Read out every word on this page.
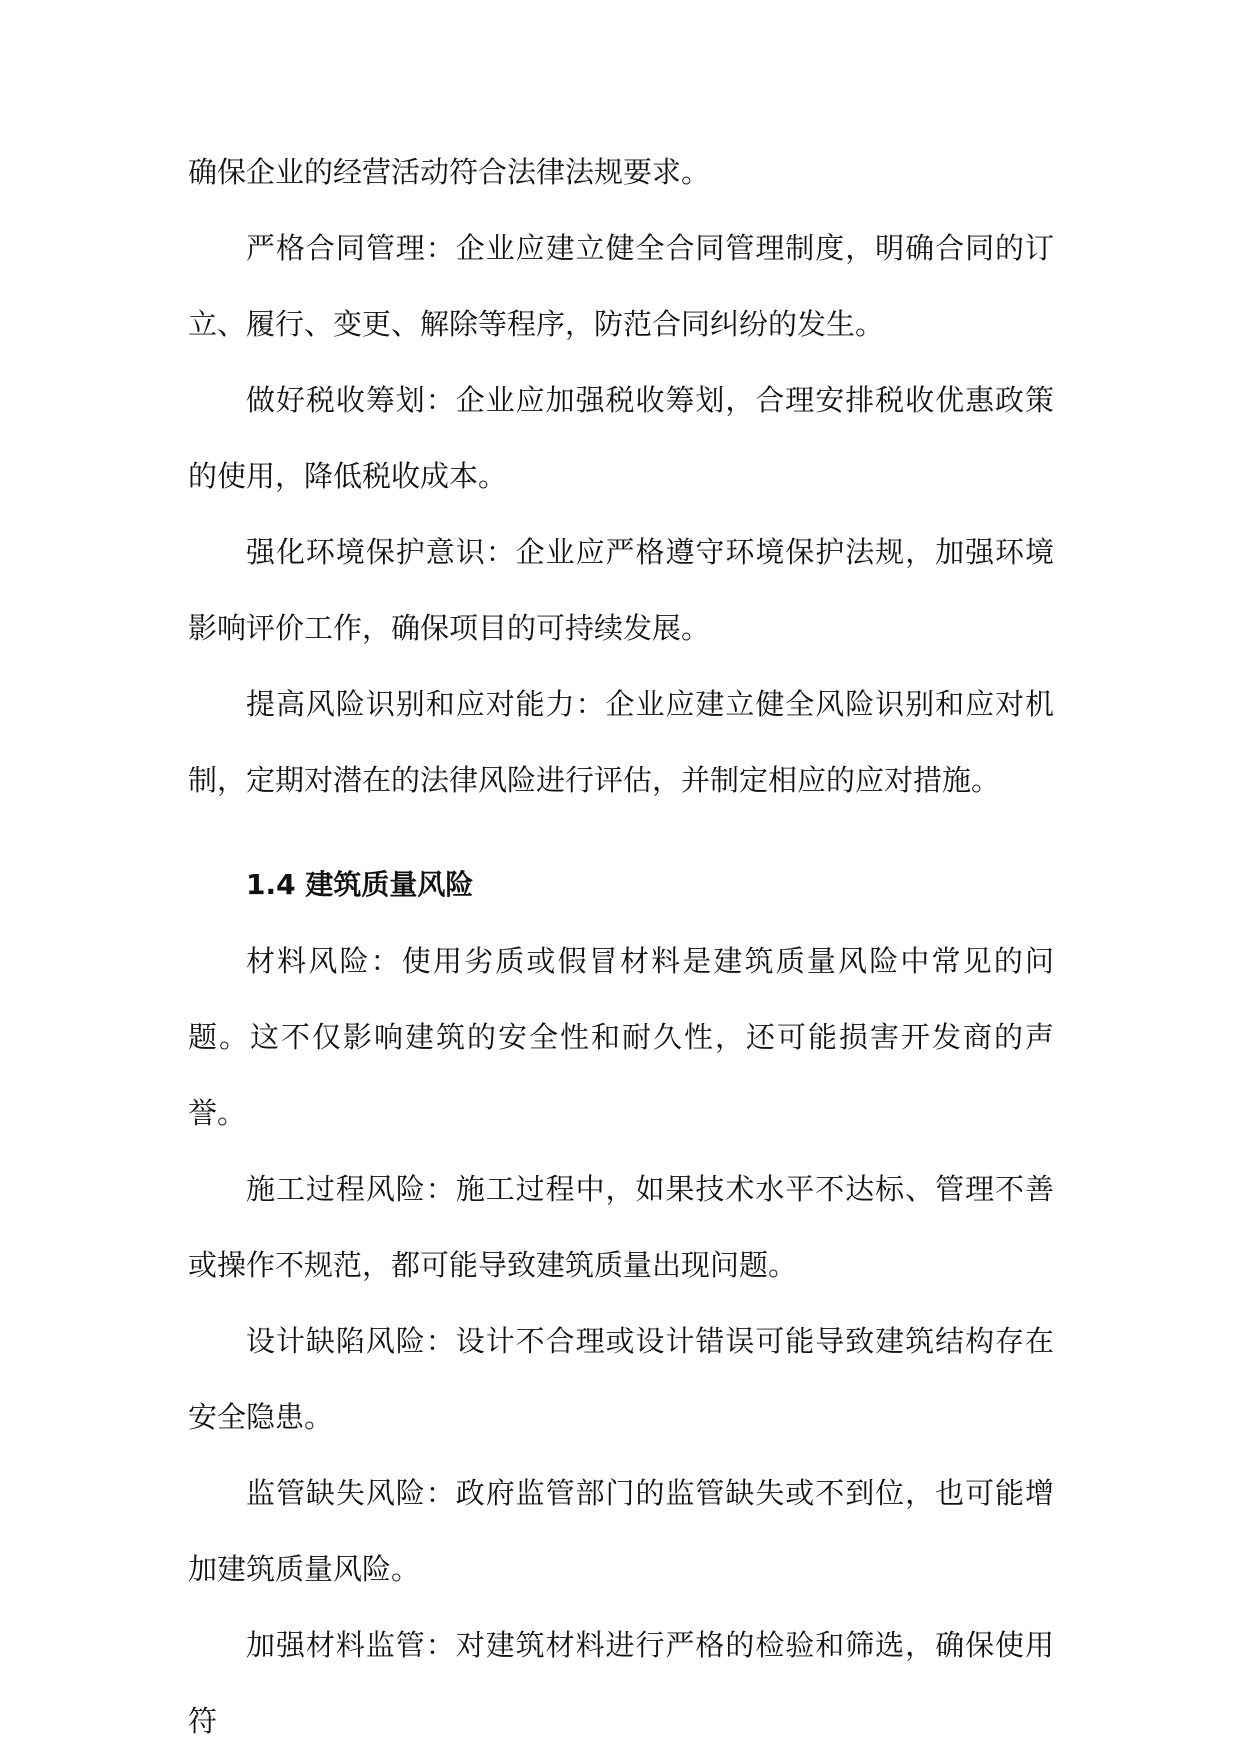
确保企业的经营活动符合法律法规要求。

严格合同管理：企业应建立健全合同管理制度，明确合同的订立、履行、变更、解除等程序，防范合同纠纷的发生。

做好税收筹划：企业应加强税收筹划，合理安排税收优惠政策的使用，降低税收成本。

强化环境保护意识：企业应严格遵守环境保护法规，加强环境影响评价工作，确保项目的可持续发展。

提高风险识别和应对能力：企业应建立健全风险识别和应对机制，定期对潜在的法律风险进行评估，并制定相应的应对措施。

1.4 建筑质量风险

材料风险：使用劣质或假冒材料是建筑质量风险中常见的问题。这不仅影响建筑的安全性和耐久性，还可能损害开发商的声誉。

施工过程风险：施工过程中，如果技术水平不达标、管理不善或操作不规范，都可能导致建筑质量出现问题。

设计缺陷风险：设计不合理或设计错误可能导致建筑结构存在安全隐患。

监管缺失风险：政府监管部门的监管缺失或不到位，也可能增加建筑质量风险。

加强材料监管：对建筑材料进行严格的检验和筛选，确保使用符
